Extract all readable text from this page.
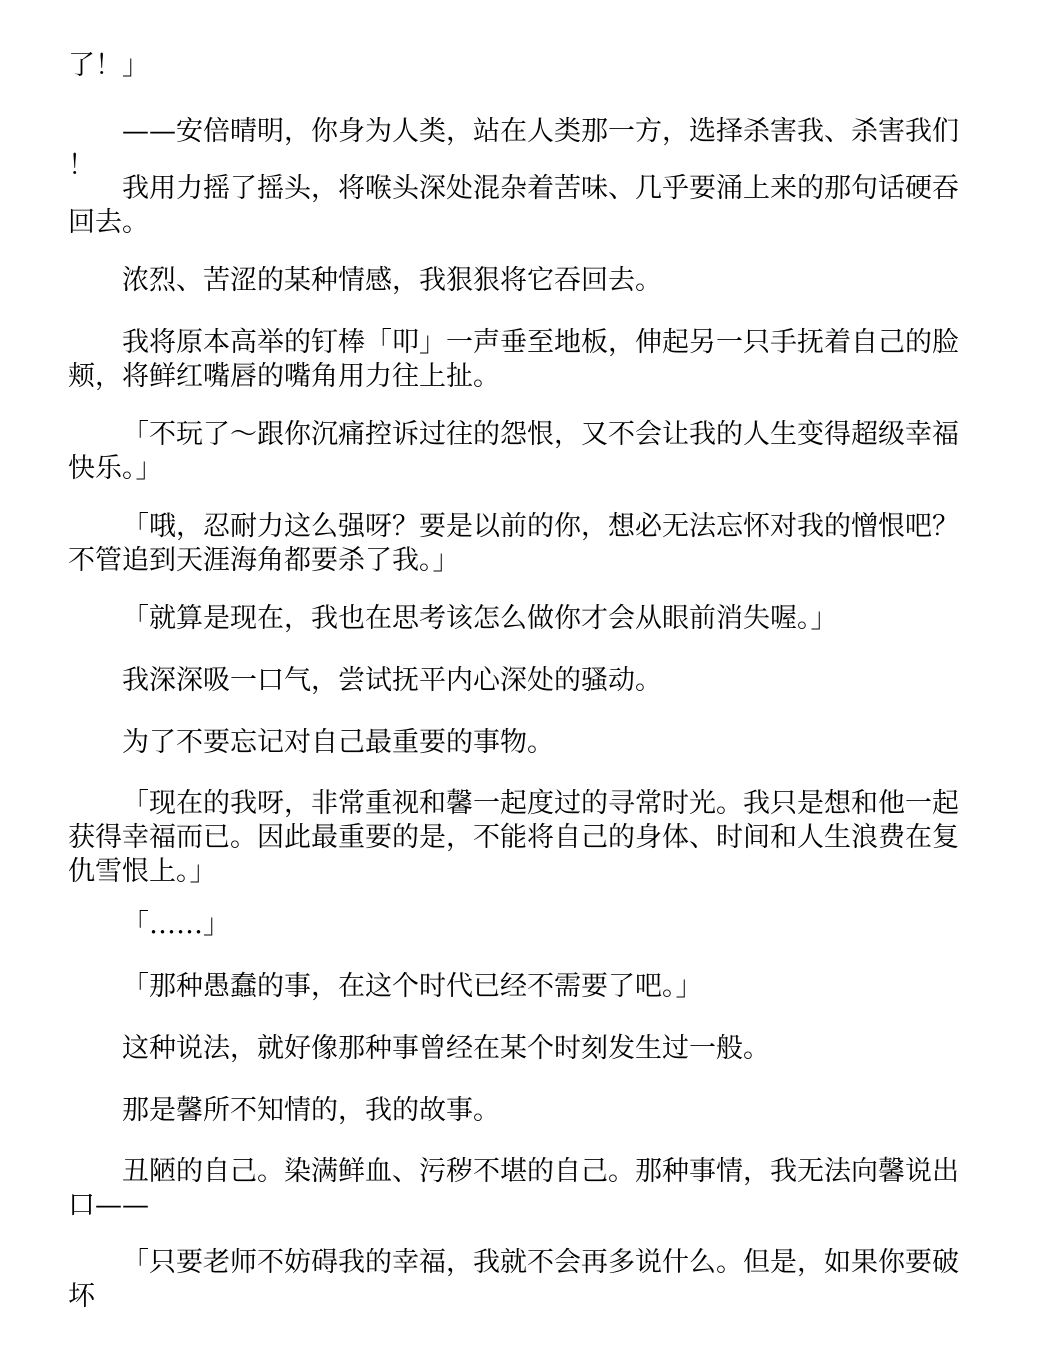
了！」

——安倍晴明，你身为人类，站在人类那一方，选择杀害我、杀害我们！

我用力摇了摇头，将喉头深处混杂着苦味、几乎要涌上来的那句话硬吞回去。

浓烈、苦涩的某种情感，我狠狠将它吞回去。

我将原本高举的钉棒「叩」一声垂至地板，伸起另一只手抚着自己的脸颊，将鲜红嘴唇的嘴角用力往上扯。

「不玩了～跟你沉痛控诉过往的怨恨，又不会让我的人生变得超级幸福快乐。」

「哦，忍耐力这么强呀？要是以前的你，想必无法忘怀对我的憎恨吧？不管追到天涯海角都要杀了我。」

「就算是现在，我也在思考该怎么做你才会从眼前消失喔。」

我深深吸一口气，尝试抚平内心深处的骚动。

为了不要忘记对自己最重要的事物。

「现在的我呀，非常重视和馨一起度过的寻常时光。我只是想和他一起获得幸福而已。因此最重要的是，不能将自己的身体、时间和人生浪费在复仇雪恨上。」

「……」

「那种愚蠢的事，在这个时代已经不需要了吧。」

这种说法，就好像那种事曾经在某个时刻发生过一般。

那是馨所不知情的，我的故事。

丑陋的自己。染满鲜血、污秽不堪的自己。那种事情，我无法向馨说出口——

「只要老师不妨碍我的幸福，我就不会再多说什么。但是，如果你要破坏
